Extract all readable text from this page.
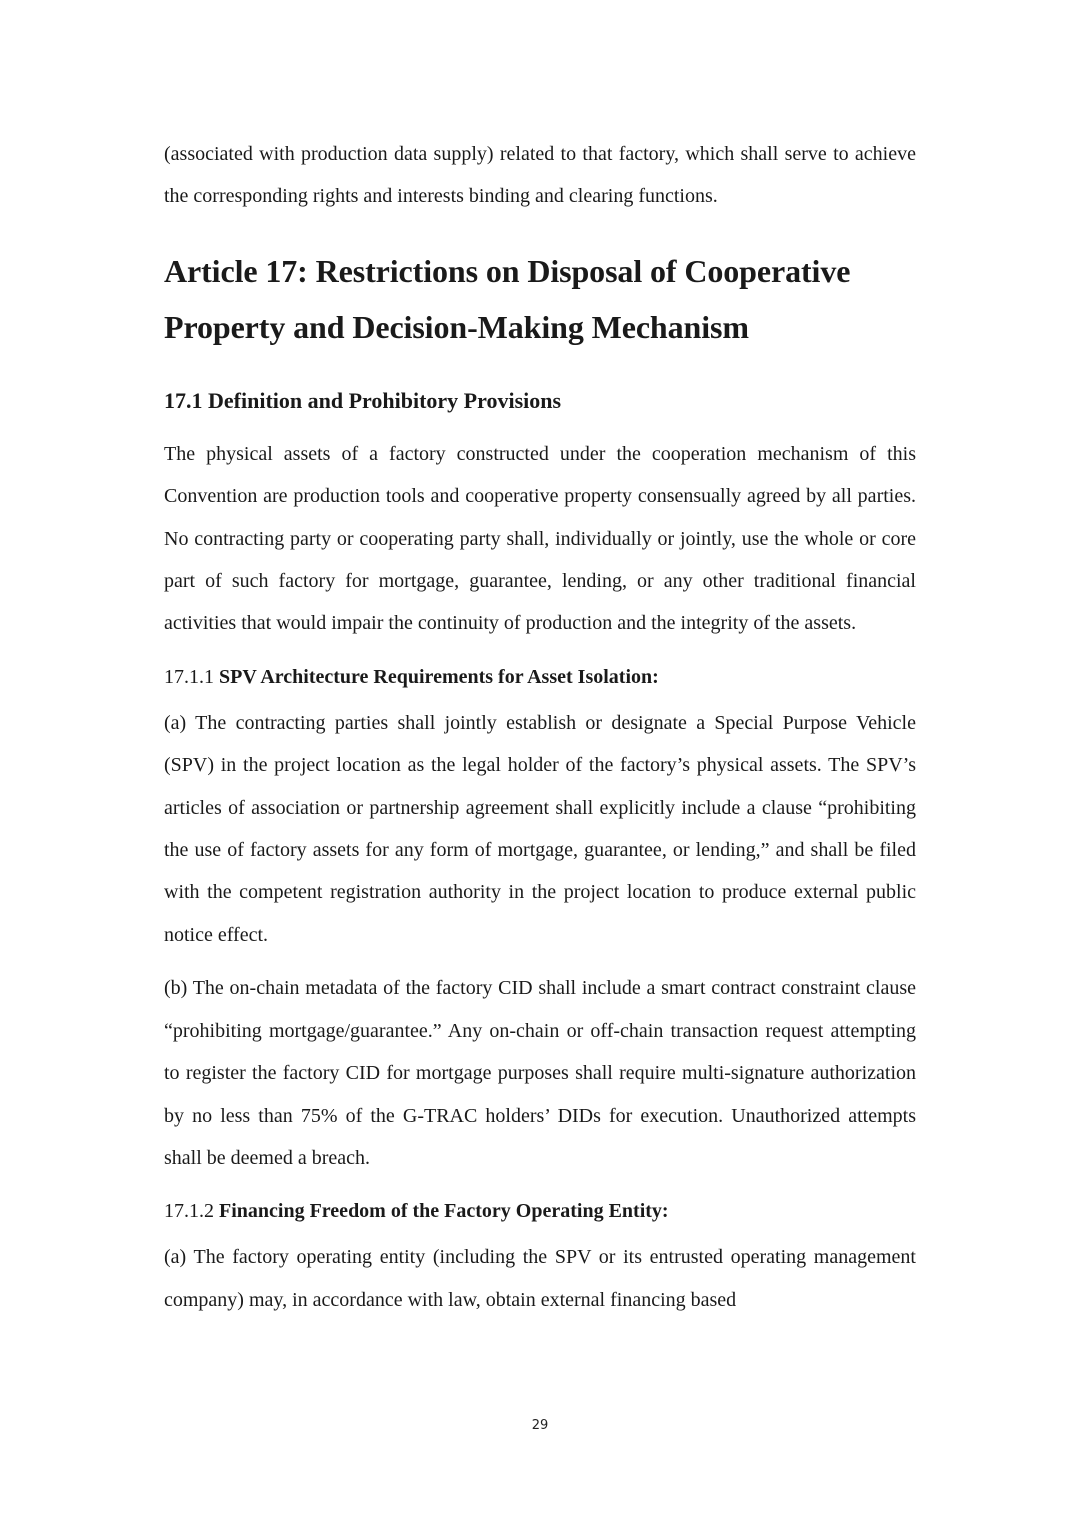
(associated with production data supply) related to that factory, which shall serve to achieve the corresponding rights and interests binding and clearing functions.

Article 17: Restrictions on Disposal of Cooperative
Property and Decision-Making Mechanism
17.1 Definition and Prohibitory Provisions

The physical assets of a factory constructed under the cooperation mechanism of this Convention are production tools and cooperative property consensually agreed by all parties. No contracting party or cooperating party shall, individually or jointly, use the whole or core part of such factory for mortgage, guarantee, lending, or any other traditional financial activities that would impair the continuity of production and the integrity of the assets.

17.1.1 SPV Architecture Requirements for Asset Isolation:

(a) The contracting parties shall jointly establish or designate a Special Purpose Vehicle (SPV) in the project location as the legal holder of the factory’s physical assets. The SPV’s articles of association or partnership agreement shall explicitly include a clause “prohibiting the use of factory assets for any form of mortgage, guarantee, or lending,” and shall be filed with the competent registration authority in the project location to produce external public notice effect.

(b) The on-chain metadata of the factory CID shall include a smart contract constraint clause “prohibiting mortgage/guarantee.” Any on-chain or off-chain transaction request attempting to register the factory CID for mortgage purposes shall require multi-signature authorization by no less than 75% of the G-TRAC holders’ DIDs for execution. Unauthorized attempts shall be deemed a breach.

17.1.2 Financing Freedom of the Factory Operating Entity:

(a) The factory operating entity (including the SPV or its entrusted operating management company) may, in accordance with law, obtain external financing based

29
